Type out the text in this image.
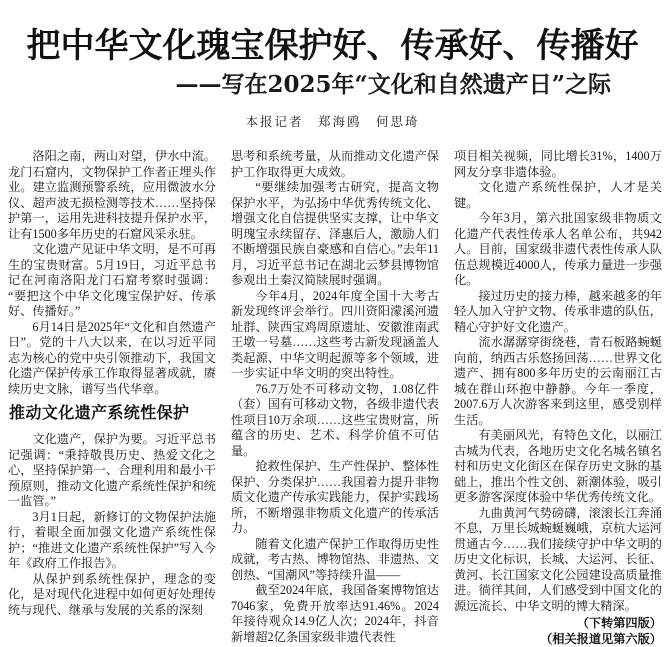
把中华文化瑰宝保护好、传承好、传播好
——写在2025年“文化和自然遗产日”之际
本报记者　郑海鸥　何思琦

洛阳之南，两山对望，伊水中流。龙门石窟内，文物保护工作者正埋头作业。建立监测预警系统，应用微波水分仪、超声波无损检测等技术……坚持保护第一，运用先进科技提升保护水平，让有1500多年历史的石窟风采永驻。

文化遗产见证中华文明，是不可再生的宝贵财富。5月19日，习近平总书记在河南洛阳龙门石窟考察时强调：“要把这个中华文化瑰宝保护好、传承好、传播好。”

6月14日是2025年“文化和自然遗产日”。党的十八大以来，在以习近平同志为核心的党中央引领推动下，我国文化遗产保护传承工作取得显著成就，赓续历史文脉，谱写当代华章。

推动文化遗产系统性保护

文化遗产，保护为要。习近平总书记强调：“秉持敬畏历史、热爱文化之心，坚持保护第一、合理利用和最小干预原则，推动文化遗产系统性保护和统一监管。”

3月1日起，新修订的文物保护法施行，着眼全面加强文化遗产系统性保护；“推进文化遗产系统性保护”写入今年《政府工作报告》。

从保护到系统性保护，理念的变化，是对现代化进程中如何更好处理传统与现代、继承与发展的关系的深刻

思考和系统考量，从而推动文化遗产保护工作取得更大成效。

“要继续加强考古研究，提高文物保护水平，为弘扬中华优秀传统文化、增强文化自信提供坚实支撑，让中华文明瑰宝永续留存、泽惠后人，激励人们不断增强民族自豪感和自信心。”去年11月，习近平总书记在湖北云梦县博物馆参观出土秦汉简牍展时强调。

今年4月，2024年度全国十大考古新发现终评会举行。四川资阳濛溪河遗址群、陕西宝鸡周原遗址、安徽淮南武王墩一号墓……这些考古新发现涵盖人类起源、中华文明起源等多个领域，进一步实证中华文明的突出特性。

76.7万处不可移动文物，1.08亿件（套）国有可移动文物，各级非遗代表性项目10万余项……这些宝贵财富，所蕴含的历史、艺术、科学价值不可估量。

抢救性保护、生产性保护、整体性保护、分类保护……我国着力提升非物质文化遗产传承实践能力，保护实践场所，不断增强非物质文化遗产的传承活力。

随着文化遗产保护工作取得历史性成就，考古热、博物馆热、非遗热、文创热、“国潮风”等持续升温——

截至2024年底，我国备案博物馆达7046家，免费开放率达91.46%。2024年接待观众14.9亿人次；2024年，抖音新增超2亿条国家级非遗代表性

项目相关视频，同比增长31%，1400万网友分享非遗体验。

文化遗产系统性保护，人才是关键。

今年3月，第六批国家级非物质文化遗产代表性传承人名单公布，共942人。目前，国家级非遗代表性传承人队伍总规模近4000人，传承力量进一步强化。

接过历史的接力棒，越来越多的年轻人加入守护文物、传承非遗的队伍，精心守护好文化遗产。

流水潺潺穿街绕巷，青石板路蜿蜒向前，纳西古乐悠扬回荡……世界文化遗产、拥有800多年历史的云南丽江古城在群山环抱中静静。今年一季度，2007.6万人次游客来到这里，感受别样生活。

有美丽风光，有特色文化，以丽江古城为代表，各地历史文化名城名镇名村和历史文化街区在保存历史文脉的基础上，推出个性文创、新潮体验，吸引更多游客深度体验中华优秀传统文化。

九曲黄河气势磅礴，滚滚长江奔涌不息，万里长城蜿蜒巍峨，京杭大运河贯通古今……我们接续守护中华文明的历史文化标识，长城、大运河、长征、黄河、长江国家文化公园建设高质量推进。徜徉其间，人们感受到中国文化的源远流长、中华文明的博大精深。

（下转第四版）

（相关报道见第六版）
